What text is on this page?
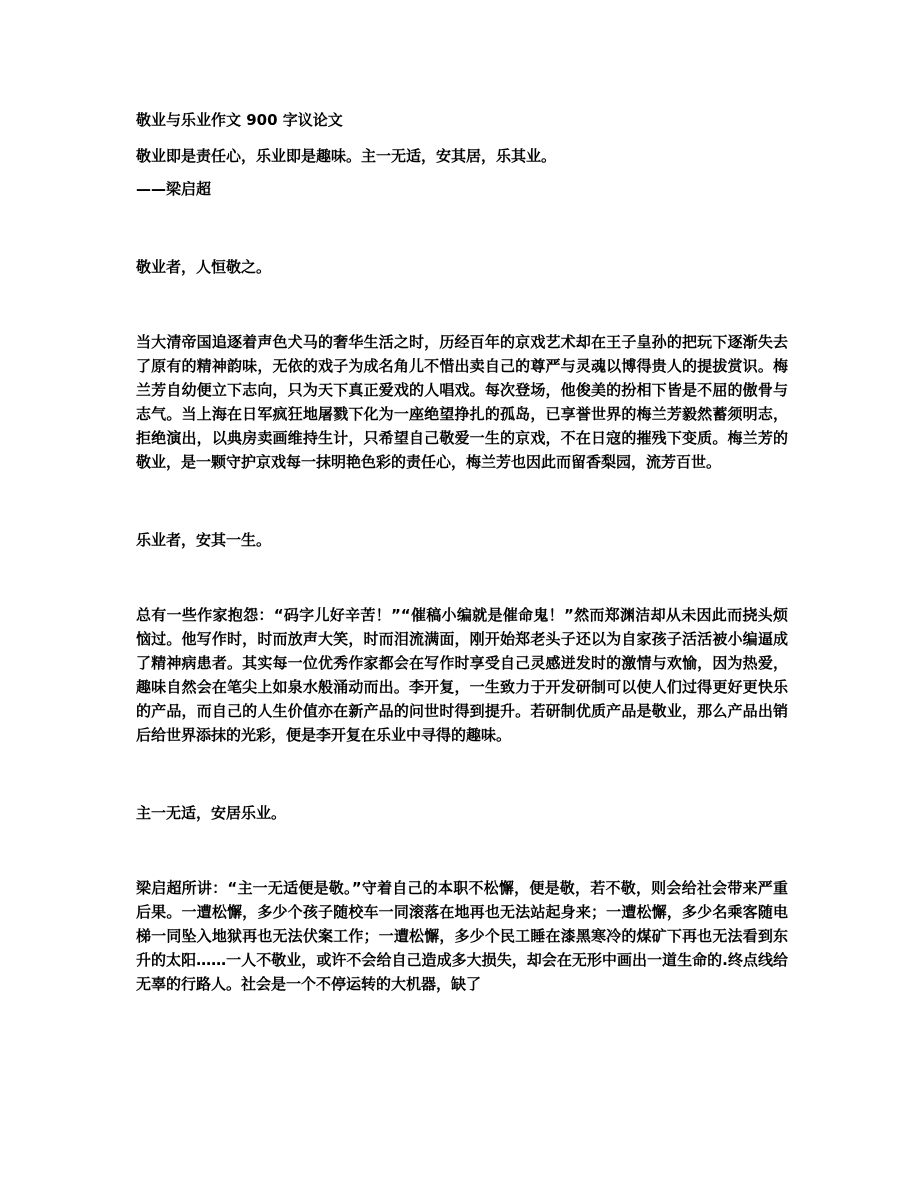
敬业与乐业作文 900 字议论文
敬业即是责任心，乐业即是趣味。主一无适，安其居，乐其业。
——梁启超
敬业者，人恒敬之。
当大清帝国追逐着声色犬马的奢华生活之时，历经百年的京戏艺术却在王子皇孙的把玩下逐渐失去了原有的精神韵味，无依的戏子为成名角儿不惜出卖自己的尊严与灵魂以博得贵人的提拔赏识。梅兰芳自幼便立下志向，只为天下真正爱戏的人唱戏。每次登场，他俊美的扮相下皆是不屈的傲骨与志气。当上海在日军疯狂地屠戮下化为一座绝望挣扎的孤岛，已享誉世界的梅兰芳毅然蓄须明志，拒绝演出，以典房卖画维持生计，只希望自己敬爱一生的京戏，不在日寇的摧残下变质。梅兰芳的敬业，是一颗守护京戏每一抹明艳色彩的责任心，梅兰芳也因此而留香梨园，流芳百世。
乐业者，安其一生。
总有一些作家抱怨：“码字儿好辛苦！”“催稿小编就是催命鬼！”然而郑渊洁却从未因此而挠头烦恼过。他写作时，时而放声大笑，时而泪流满面，刚开始郑老头子还以为自家孩子活活被小编逼成了精神病患者。其实每一位优秀作家都会在写作时享受自己灵感迸发时的激情与欢愉，因为热爱，趣味自然会在笔尖上如泉水般涌动而出。李开复，一生致力于开发研制可以使人们过得更好更快乐的产品，而自己的人生价值亦在新产品的问世时得到提升。若研制优质产品是敬业，那么产品出销后给世界添抹的光彩，便是李开复在乐业中寻得的趣味。
主一无适，安居乐业。
梁启超所讲：“主一无适便是敬。”守着自己的本职不松懈，便是敬，若不敬，则会给社会带来严重后果。一遭松懈，多少个孩子随校车一同滚落在地再也无法站起身来；一遭松懈，多少名乘客随电梯一同坠入地狱再也无法伏案工作；一遭松懈，多少个民工睡在漆黑寒冷的煤矿下再也无法看到东升的太阳……一人不敬业，或许不会给自己造成多大损失，却会在无形中画出一道生命的.终点线给无辜的行路人。社会是一个不停运转的大机器，缺了
